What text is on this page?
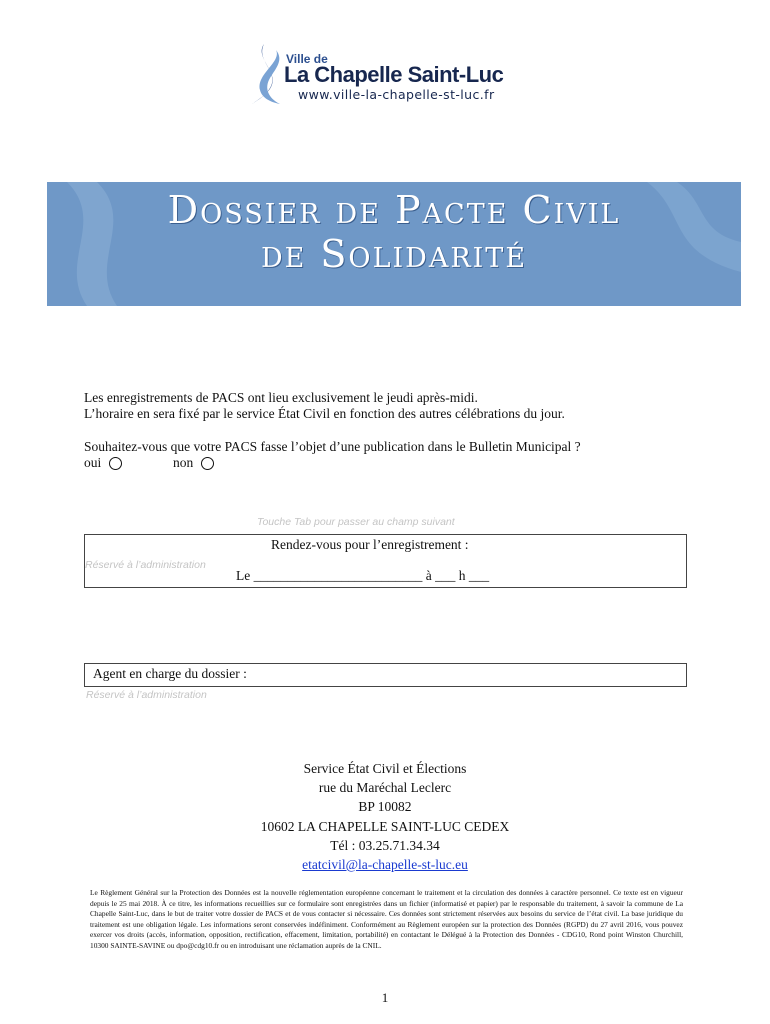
Ville de
La Chapelle Saint-Luc
www.ville-la-chapelle-st-luc.fr
Dossier de Pacte Civil
de Solidarité
Les enregistrements de PACS ont lieu exclusivement le jeudi après-midi.
L’horaire en sera fixé par le service État Civil en fonction des autres célébrations du jour.
Souhaitez-vous que votre PACS fasse l’objet d’une publication dans le Bulletin Municipal ?
oui	non
Touche Tab pour passer au champ suivant
Rendez-vous pour l’enregistrement :
Réservé à l’administration
Le _________________________ à ___ h ___
Agent en charge du dossier :
Réservé à l’administration
Service État Civil et Élections
rue du Maréchal Leclerc
BP 10082
10602 LA CHAPELLE SAINT-LUC CEDEX
Tél : 03.25.71.34.34
etatcivil@la-chapelle-st-luc.eu
Le Règlement Général sur la Protection des Données est la nouvelle réglementation européenne concernant le traitement et la circulation des données à caractère personnel. Ce texte est en vigueur depuis le 25 mai 2018. À ce titre, les informations recueillies sur ce formulaire sont enregistrées dans un fichier (informatisé et papier) par le responsable du traitement, à savoir la commune de La Chapelle Saint-Luc, dans le but de traiter votre dossier de PACS et de vous contacter si nécessaire. Ces données sont strictement réservées aux besoins du service de l’état civil. La base juridique du traitement est une obligation légale. Les informations seront conservées indéfiniment. Conformément au Règlement européen sur la protection des Données (RGPD) du 27 avril 2016, vous pouvez exercer vos droits (accès, information, opposition, rectification, effacement, limitation, portabilité) en contactant le Délégué à la Protection des Données - CDG10, Rond point Winston Churchill, 10300 SAINTE-SAVINE ou dpo@cdg10.fr ou en introduisant une réclamation auprès de la CNIL.
1
